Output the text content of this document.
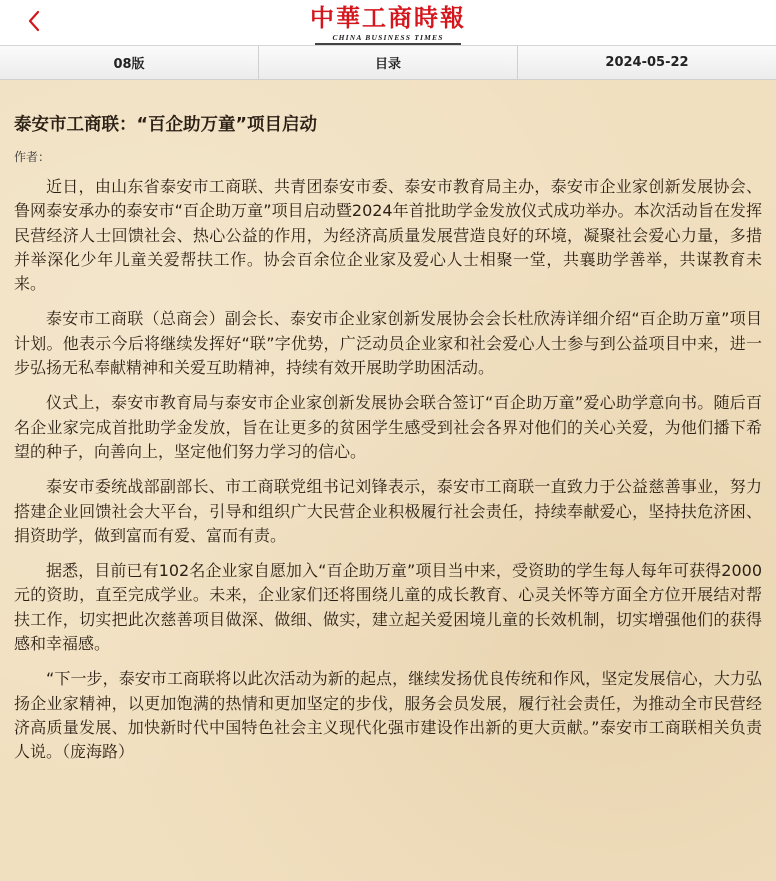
中華工商時報
CHINA BUSINESS TIMES
08版	目录	2024-05-22
泰安市工商联：“百企助万童”项目启动
作者：

近日，由山东省泰安市工商联、共青团泰安市委、泰安市教育局主办，泰安市企业家创新发展协会、鲁网泰安承办的泰安市“百企助万童”项目启动暨2024年首批助学金发放仪式成功举办。本次活动旨在发挥民营经济人士回馈社会、热心公益的作用，为经济高质量发展营造良好的环境，凝聚社会爱心力量，多措并举深化少年儿童关爱帮扶工作。协会百余位企业家及爱心人士相聚一堂，共襄助学善举，共谋教育未来。

泰安市工商联（总商会）副会长、泰安市企业家创新发展协会会长杜欣涛详细介绍“百企助万童”项目计划。他表示今后将继续发挥好“联”字优势，广泛动员企业家和社会爱心人士参与到公益项目中来，进一步弘扬无私奉献精神和关爱互助精神，持续有效开展助学助困活动。

仪式上，泰安市教育局与泰安市企业家创新发展协会联合签订“百企助万童”爱心助学意向书。随后百名企业家完成首批助学金发放，旨在让更多的贫困学生感受到社会各界对他们的关心关爱，为他们播下希望的种子，向善向上，坚定他们努力学习的信心。

泰安市委统战部副部长、市工商联党组书记刘锋表示，泰安市工商联一直致力于公益慈善事业，努力搭建企业回馈社会大平台，引导和组织广大民营企业积极履行社会责任，持续奉献爱心，坚持扶危济困、捐资助学，做到富而有爱、富而有责。

据悉，目前已有102名企业家自愿加入“百企助万童”项目当中来，受资助的学生每人每年可获得2000元的资助，直至完成学业。未来，企业家们还将围绕儿童的成长教育、心灵关怀等方面全方位开展结对帮扶工作，切实把此次慈善项目做深、做细、做实，建立起关爱困境儿童的长效机制，切实增强他们的获得感和幸福感。

“下一步，泰安市工商联将以此次活动为新的起点，继续发扬优良传统和作风，坚定发展信心，大力弘扬企业家精神，以更加饱满的热情和更加坚定的步伐，服务会员发展，履行社会责任，为推动全市民营经济高质量发展、加快新时代中国特色社会主义现代化强市建设作出新的更大贡献。”泰安市工商联相关负责人说。（庞海路）
